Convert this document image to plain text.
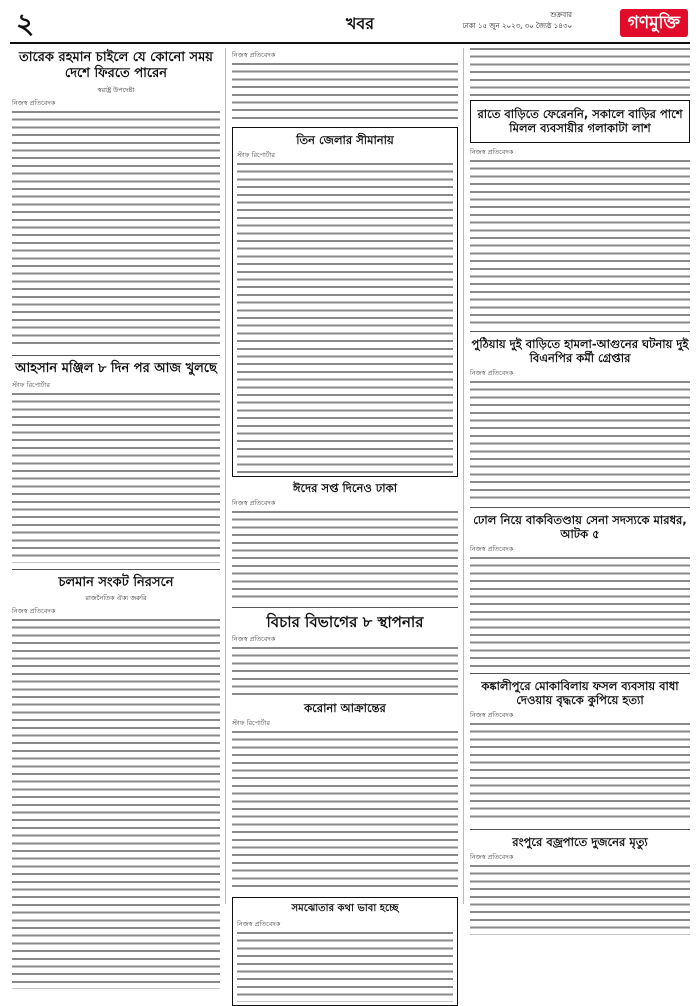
২	খবর	শুক্রবার
ঢাকা ১৫ জুন ২০২৩, ৩০ জ্যৈষ্ঠ ১৪৩০	গণমুক্তি
তারেক রহমান চাইলে যে কোনো সময় দেশে ফিরতে পারেন
স্বরাষ্ট্র উপদেষ্টা
নিজস্ব প্রতিবেদক
আহসান মঞ্জিল ৮ দিন পর আজ খুলছে
স্টাফ রিপোর্টার
চলমান সংকট নিরসনে
রাজনৈতিক ঐক্য জরুরি
নিজস্ব প্রতিবেদক
নিজস্ব প্রতিবেদক
তিন জেলার সীমানায়
স্টাফ রিপোর্টার
ঈদের সপ্ত দিনেও ঢাকা
নিজস্ব প্রতিবেদক
বিচার বিভাগের ৮ স্থাপনার
নিজস্ব প্রতিবেদক
করোনা আক্রান্তের
স্টাফ রিপোর্টার
সমঝোতার কথা ভাবা হচ্ছে
নিজস্ব প্রতিবেদক
রাতে বাড়িতে ফেরেননি, সকালে বাড়ির পাশে মিলল ব্যবসায়ীর গলাকাটা লাশ
নিজস্ব প্রতিবেদক
পুঠিয়ায় দুই বাড়িতে হামলা-আগুনের ঘটনায় দুই বিএনপির কর্মী গ্রেপ্তার
নিজস্ব প্রতিবেদক
ঢোল নিয়ে বাকবিতণ্ডায় সেনা সদস্যকে মারধর, আটক ৫
নিজস্ব প্রতিবেদক
কঙ্কালীপুরে মোকাবিলায় ফসল ব্যবসায় বাধা দেওয়ায় বৃদ্ধকে কুপিয়ে হত্যা
নিজস্ব প্রতিবেদক
রংপুরে বজ্রপাতে দুজনের মৃত্যু
নিজস্ব প্রতিবেদক
